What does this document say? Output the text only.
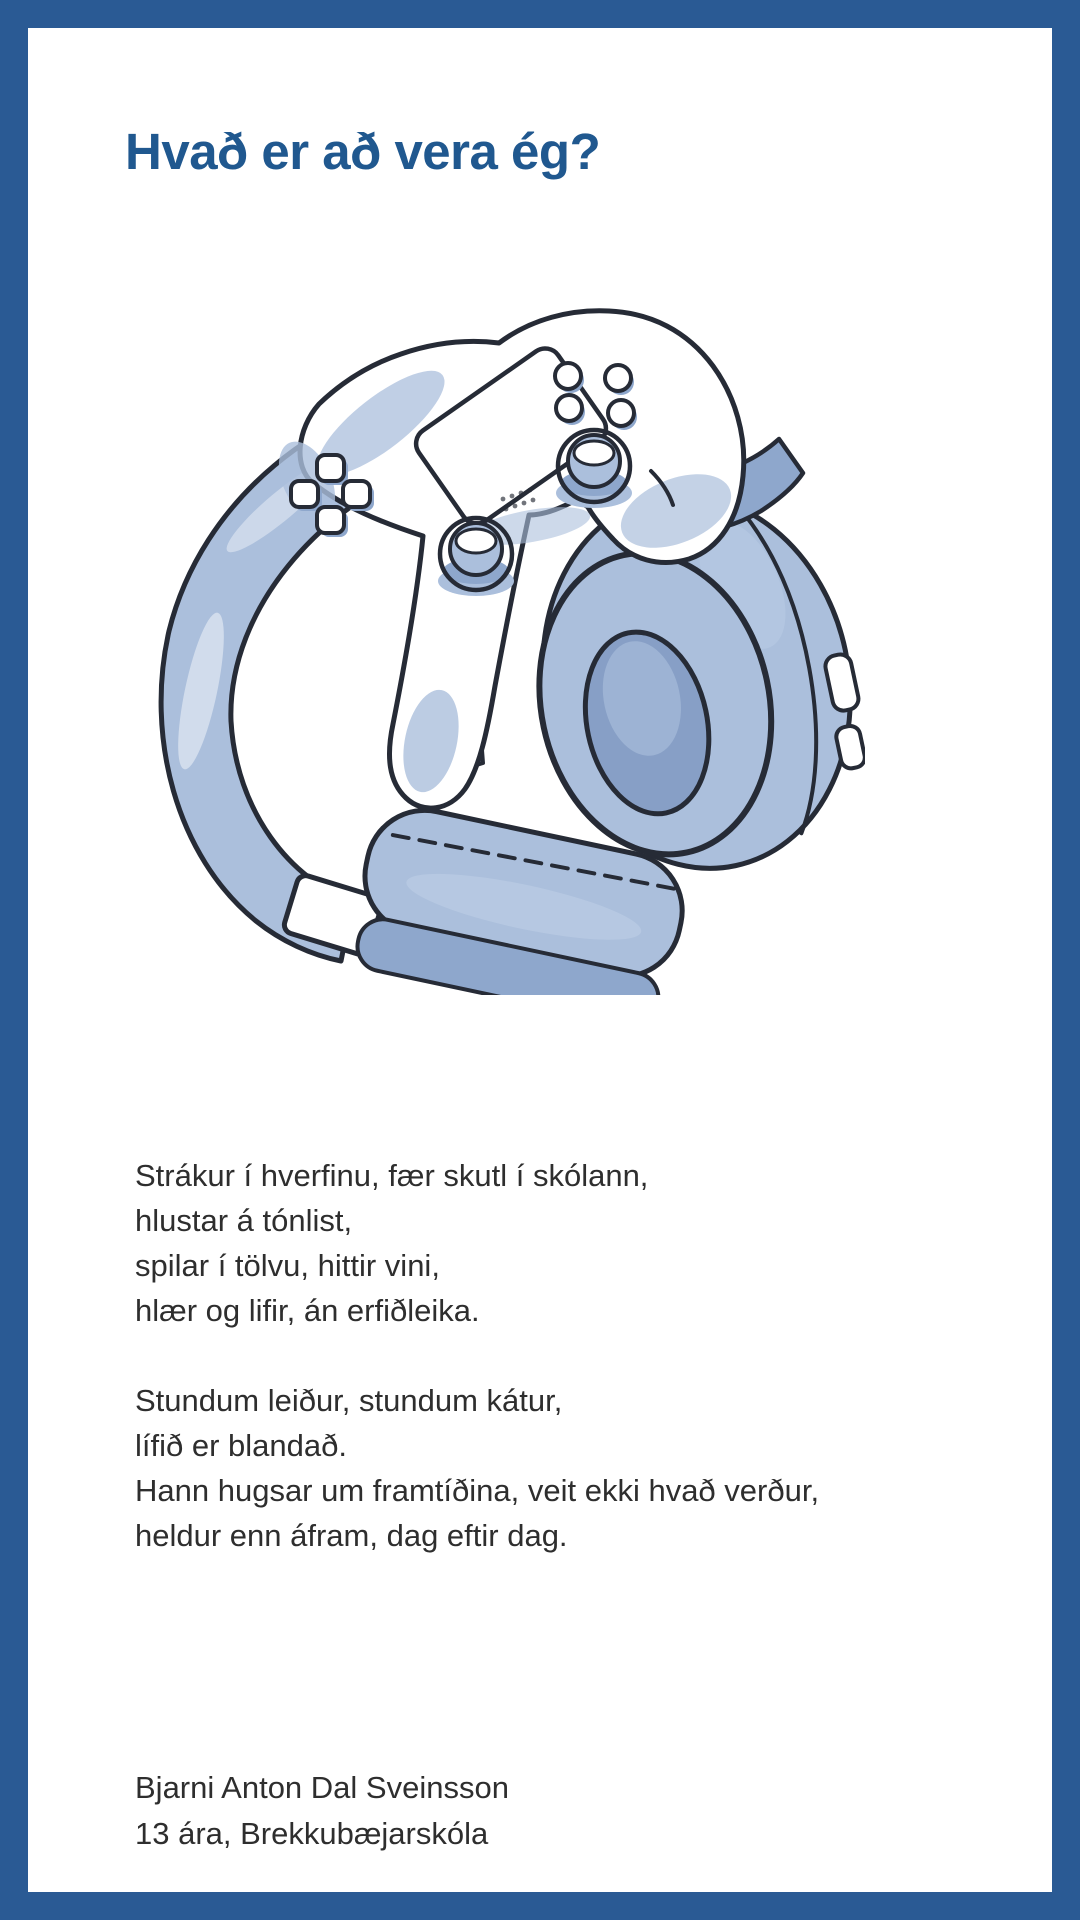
Hvað er að vera ég?

Strákur í hverfinu, fær skutl í skólann,

hlustar á tónlist,

spilar í tölvu, hittir vini,

hlær og lifir, án erfiðleika.

Stundum leiður, stundum kátur,

lífið er blandað.

Hann hugsar um framtíðina, veit ekki hvað verður,

heldur enn áfram, dag eftir dag.

Bjarni Anton Dal Sveinsson

13 ára, Brekkubæjarskóla
